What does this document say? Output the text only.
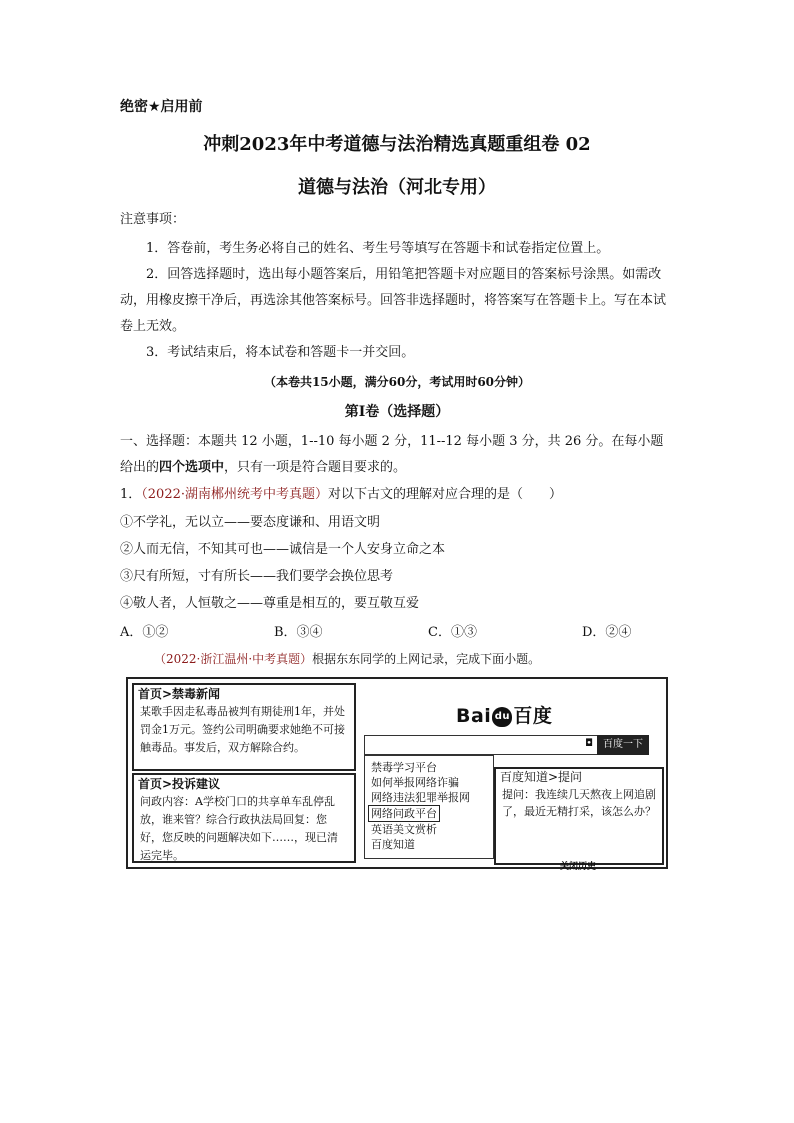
绝密★启用前
冲刺2023年中考道德与法治精选真题重组卷 02
道德与法治（河北专用）
注意事项：
1．答卷前，考生务必将自己的姓名、考生号等填写在答题卡和试卷指定位置上。
2．回答选择题时，选出每小题答案后，用铅笔把答题卡对应题目的答案标号涂黑。如需改动，用橡皮擦干净后，再选涂其他答案标号。回答非选择题时，将答案写在答题卡上。写在本试卷上无效。
3．考试结束后，将本试卷和答题卡一并交回。
（本卷共15小题，满分60分，考试用时60分钟）
第Ⅰ卷（选择题）
一、选择题：本题共 12 小题，1--10 每小题 2 分，11--12 每小题 3 分，共 26 分。在每小题给出的四个选项中，只有一项是符合题目要求的。
1．（2022·湖南郴州统考中考真题）对以下古文的理解对应合理的是（　　）
①不学礼，无以立——要态度谦和、用语文明
②人而无信，不知其可也——诚信是一个人安身立命之本
③尺有所短，寸有所长——我们要学会换位思考
④敬人者，人恒敬之——尊重是相互的，要互敬互爱
A．①②	B．③④	C．①③	D．②④
（2022·浙江温州·中考真题）根据东东同学的上网记录，完成下面小题。
首页>禁毒新闻
某歌手因走私毒品被判有期徒刑1年，并处罚金1万元。签约公司明确要求她绝不可接触毒品。事发后，双方解除合约。
首页>投诉建议
问政内容：A学校门口的共享单车乱停乱放，谁来管？综合行政执法局回复：您好，您反映的问题解决如下……，现已清运完毕。
Bai du 百度
◘	百度一下
禁毒学习平台
如何举报网络诈骗
网络违法犯罪举报网
网络问政平台
英语美文赏析
百度知道
百度知道>提问
提问：我连续几天熬夜上网追剧了，最近无精打采，该怎么办？
关闭历史
